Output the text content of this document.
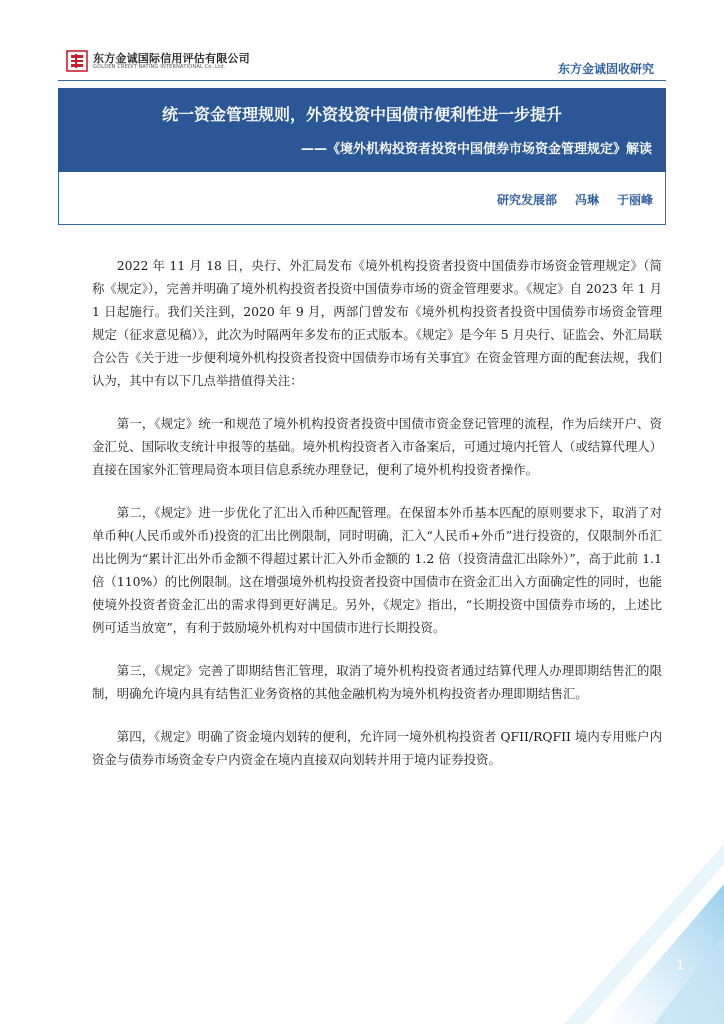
东方金诚国际信用评估有限公司
GOLDEN CREDIT RATING INTERNATIONAL Co.,Ltd.	东方金诚固收研究
统一资金管理规则，外资投资中国债市便利性进一步提升
——《境外机构投资者投资中国债券市场资金管理规定》解读
研究发展部 冯琳 于丽峰

2022 年 11 月 18 日，央行、外汇局发布《境外机构投资者投资中国债券市场资金管理规定》（简称《规定》），完善并明确了境外机构投资者投资中国债券市场的资金管理要求。《规定》自 2023 年 1 月 1 日起施行。我们关注到，2020 年 9 月，两部门曾发布《境外机构投资者投资中国债券市场资金管理规定（征求意见稿）》，此次为时隔两年多发布的正式版本。《规定》是今年 5 月央行、证监会、外汇局联合公告《关于进一步便利境外机构投资者投资中国债券市场有关事宜》在资金管理方面的配套法规，我们认为，其中有以下几点举措值得关注：

第一，《规定》统一和规范了境外机构投资者投资中国债市资金登记管理的流程，作为后续开户、资金汇兑、国际收支统计申报等的基础。境外机构投资者入市备案后，可通过境内托管人（或结算代理人）直接在国家外汇管理局资本项目信息系统办理登记，便利了境外机构投资者操作。

第二，《规定》进一步优化了汇出入币种匹配管理。在保留本外币基本匹配的原则要求下，取消了对单币种(人民币或外币)投资的汇出比例限制，同时明确，汇入“人民币+外币”进行投资的，仅限制外币汇出比例为“累计汇出外币金额不得超过累计汇入外币金额的 1.2 倍（投资清盘汇出除外）”，高于此前 1.1 倍（110%）的比例限制。这在增强境外机构投资者投资中国债市在资金汇出入方面确定性的同时，也能使境外投资者资金汇出的需求得到更好满足。另外，《规定》指出，“长期投资中国债券市场的，上述比例可适当放宽”，有利于鼓励境外机构对中国债市进行长期投资。

第三，《规定》完善了即期结售汇管理，取消了境外机构投资者通过结算代理人办理即期结售汇的限制，明确允许境内具有结售汇业务资格的其他金融机构为境外机构投资者办理即期结售汇。

第四，《规定》明确了资金境内划转的便利，允许同一境外机构投资者 QFII/RQFII 境内专用账户内资金与债券市场资金专户内资金在境内直接双向划转并用于境内证券投资。

1
